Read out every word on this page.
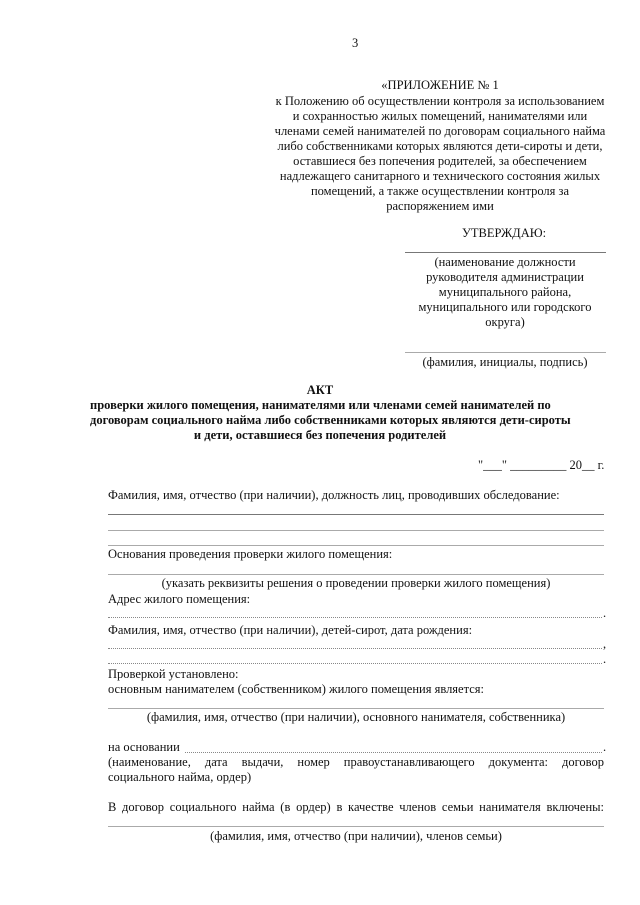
3
«ПРИЛОЖЕНИЕ № 1
к Положению об осуществлении контроля за использованием
и сохранностью жилых помещений, нанимателями или
членами семей нанимателей по договорам социального найма
либо собственниками которых являются дети-сироты и дети,
оставшиеся без попечения родителей, за обеспечением
надлежащего санитарного и технического состояния жилых
помещений, а также осуществлении контроля за
распоряжением ими
УТВЕРЖДАЮ:
(наименование должности
руководителя администрации
муниципального района,
муниципального или городского
округа)
(фамилия, инициалы, подпись)
АКТ
проверки жилого помещения, нанимателями или членами семей нанимателей по
договорам социального найма либо собственниками которых являются дети-сироты
и дети, оставшиеся без попечения родителей
"___" _________ 20__ г.
Фамилия, имя, отчество (при наличии), должность лиц, проводивших обследование:
Основания проведения проверки жилого помещения:
(указать реквизиты решения о проведении проверки жилого помещения)
Адрес жилого помещения:
.
Фамилия, имя, отчество (при наличии), детей-сирот, дата рождения:
,
.
Проверкой установлено:
основным нанимателем (собственником) жилого помещения является:
(фамилия, имя, отчество (при наличии), основного нанимателя, собственника)
на основании	.
(наименование, дата выдачи, номер правоустанавливающего документа: договор
социального найма, ордер)
В договор социального найма (в ордер) в качестве членов семьи нанимателя включены:
(фамилия, имя, отчество (при наличии), членов семьи)
